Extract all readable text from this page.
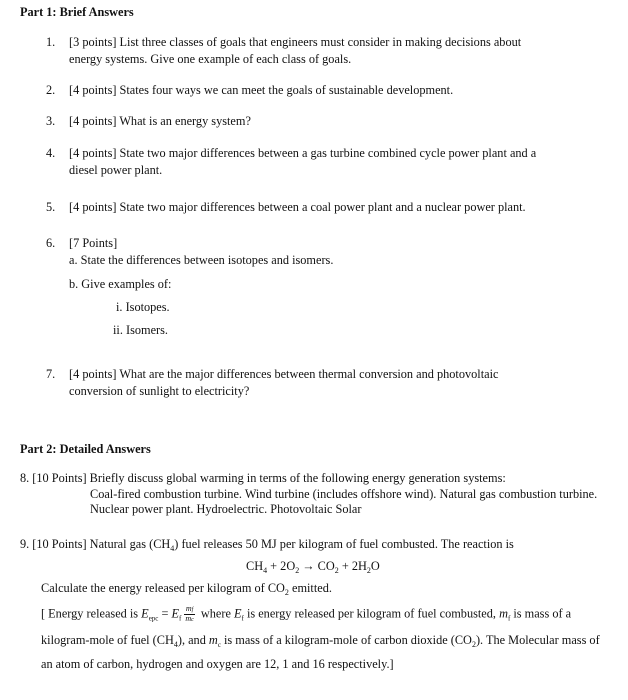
Part 1: Brief Answers
1. [3 points] List three classes of goals that engineers must consider in making decisions about
energy systems. Give one example of each class of goals.
2. [4 points] States four ways we can meet the goals of sustainable development.
3. [4 points] What is an energy system?
4. [4 points] State two major differences between a gas turbine combined cycle power plant and a
diesel power plant.
5. [4 points] State two major differences between a coal power plant and a nuclear power plant.
6. [7 Points]
a. State the differences between isotopes and isomers.
b. Give examples of:
i. Isotopes.
ii. Isomers.
7. [4 points] What are the major differences between thermal conversion and photovoltaic
conversion of sunlight to electricity?
Part 2: Detailed Answers
8. [10 Points] Briefly discuss global warming in terms of the following energy generation systems:
Coal-fired combustion turbine. Wind turbine (includes offshore wind). Natural gas combustion turbine.
Nuclear power plant. Hydroelectric. Photovoltaic Solar
9. [10 Points] Natural gas $(CH_4)$ fuel releases 50 MJ per kilogram of fuel combusted. The reaction is
$CH_4 + 2O_2 \to CO_2 + 2H_2O$
Calculate the energy released per kilogram of $CO_2$ emitted.
[ Energy released is $E_{epc} = E_f \frac{mf}{mc}$ where $E_f$ is energy released per kilogram of fuel combusted, $m_f$ is mass of a
kilogram-mole of fuel $(CH_4)$, and $m_c$ is mass of a kilogram-mole of carbon dioxide $(CO_2)$. The Molecular mass of
an atom of carbon, hydrogen and oxygen are 12, 1 and 16 respectively.]
